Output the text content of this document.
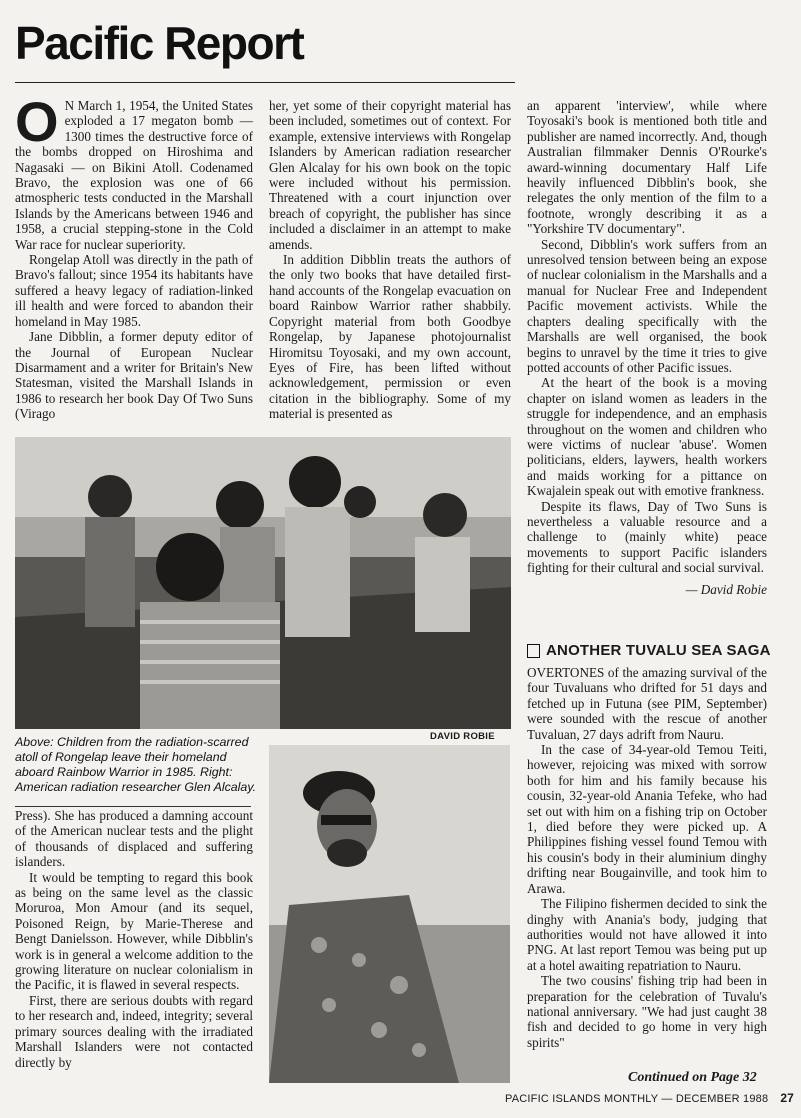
Pacific Report

O N March 1, 1954, the United States exploded a 17 megaton bomb — 1300 times the destructive force of the bombs dropped on Hiroshima and Nagasaki — on Bikini Atoll. Codenamed Bravo, the explosion was one of 66 atmospheric tests conducted in the Marshall Islands by the Americans between 1946 and 1958, a crucial stepping-stone in the Cold War race for nuclear superiority.

Rongelap Atoll was directly in the path of Bravo's fallout; since 1954 its habitants have suffered a heavy legacy of radiation-linked ill health and were forced to abandon their homeland in May 1985.

Jane Dibblin, a former deputy editor of the Journal of European Nuclear Disarmament and a writer for Britain's New Statesman, visited the Marshall Islands in 1986 to research her book Day Of Two Suns (Virago

her, yet some of their copyright material has been included, sometimes out of context. For example, extensive interviews with Rongelap Islanders by American radiation researcher Glen Alcalay for his own book on the topic were included without his permission. Threatened with a court injunction over breach of copyright, the publisher has since included a disclaimer in an attempt to make amends.

In addition Dibblin treats the authors of the only two books that have detailed first-hand accounts of the Rongelap evacuation on board Rainbow Warrior rather shabbily. Copyright material from both Goodbye Rongelap, by Japanese photojournalist Hiromitsu Toyosaki, and my own account, Eyes of Fire, has been lifted without acknowledgement, permission or even citation in the bibliography. Some of my material is presented as

an apparent 'interview', while where Toyosaki's book is mentioned both title and publisher are named incorrectly. And, though Australian filmmaker Dennis O'Rourke's award-winning documentary Half Life heavily influenced Dibblin's book, she relegates the only mention of the film to a footnote, wrongly describing it as a "Yorkshire TV documentary".

Second, Dibblin's work suffers from an unresolved tension between being an expose of nuclear colonialism in the Marshalls and a manual for Nuclear Free and Independent Pacific movement activists. While the chapters dealing specifically with the Marshalls are well organised, the book begins to unravel by the time it tries to give potted accounts of other Pacific issues.

At the heart of the book is a moving chapter on island women as leaders in the struggle for independence, and an emphasis throughout on the women and children who were victims of nuclear 'abuse'. Women politicians, elders, laywers, health workers and maids working for a pittance on Kwajalein speak out with emotive frankness.

Despite its flaws, Day of Two Suns is nevertheless a valuable resource and a challenge to (mainly white) peace movements to support Pacific islanders fighting for their cultural and social survival.

— David Robie

DAVID ROBIE

Above: Children from the radiation-scarred atoll of Rongelap leave their homeland aboard Rainbow Warrior in 1985. Right: American radiation researcher Glen Alcalay.

Press). She has produced a damning account of the American nuclear tests and the plight of thousands of displaced and suffering islanders.

It would be tempting to regard this book as being on the same level as the classic Moruroa, Mon Amour (and its sequel, Poisoned Reign, by Marie-Therese and Bengt Danielsson. However, while Dibblin's work is in general a welcome addition to the growing literature on nuclear colonialism in the Pacific, it is flawed in several respects.

First, there are serious doubts with regard to her research and, indeed, integrity; several primary sources dealing with the irradiated Marshall Islanders were not contacted directly by

ANOTHER TUVALU SEA SAGA

OVERTONES of the amazing survival of the four Tuvaluans who drifted for 51 days and fetched up in Futuna (see PIM, September) were sounded with the rescue of another Tuvaluan, 27 days adrift from Nauru.

In the case of 34-year-old Temou Teiti, however, rejoicing was mixed with sorrow both for him and his family because his cousin, 32-year-old Anania Tefeke, who had set out with him on a fishing trip on October 1, died before they were picked up. A Philippines fishing vessel found Temou with his cousin's body in their aluminium dinghy drifting near Bougainville, and took him to Arawa.

The Filipino fishermen decided to sink the dinghy with Anania's body, judging that authorities would not have allowed it into PNG. At last report Temou was being put up at a hotel awaiting repatriation to Nauru.

The two cousins' fishing trip had been in preparation for the celebration of Tuvalu's national anniversary. "We had just caught 38 fish and decided to go home in very high spirits"

Continued on Page 32
PACIFIC ISLANDS MONTHLY — DECEMBER 1988 27
